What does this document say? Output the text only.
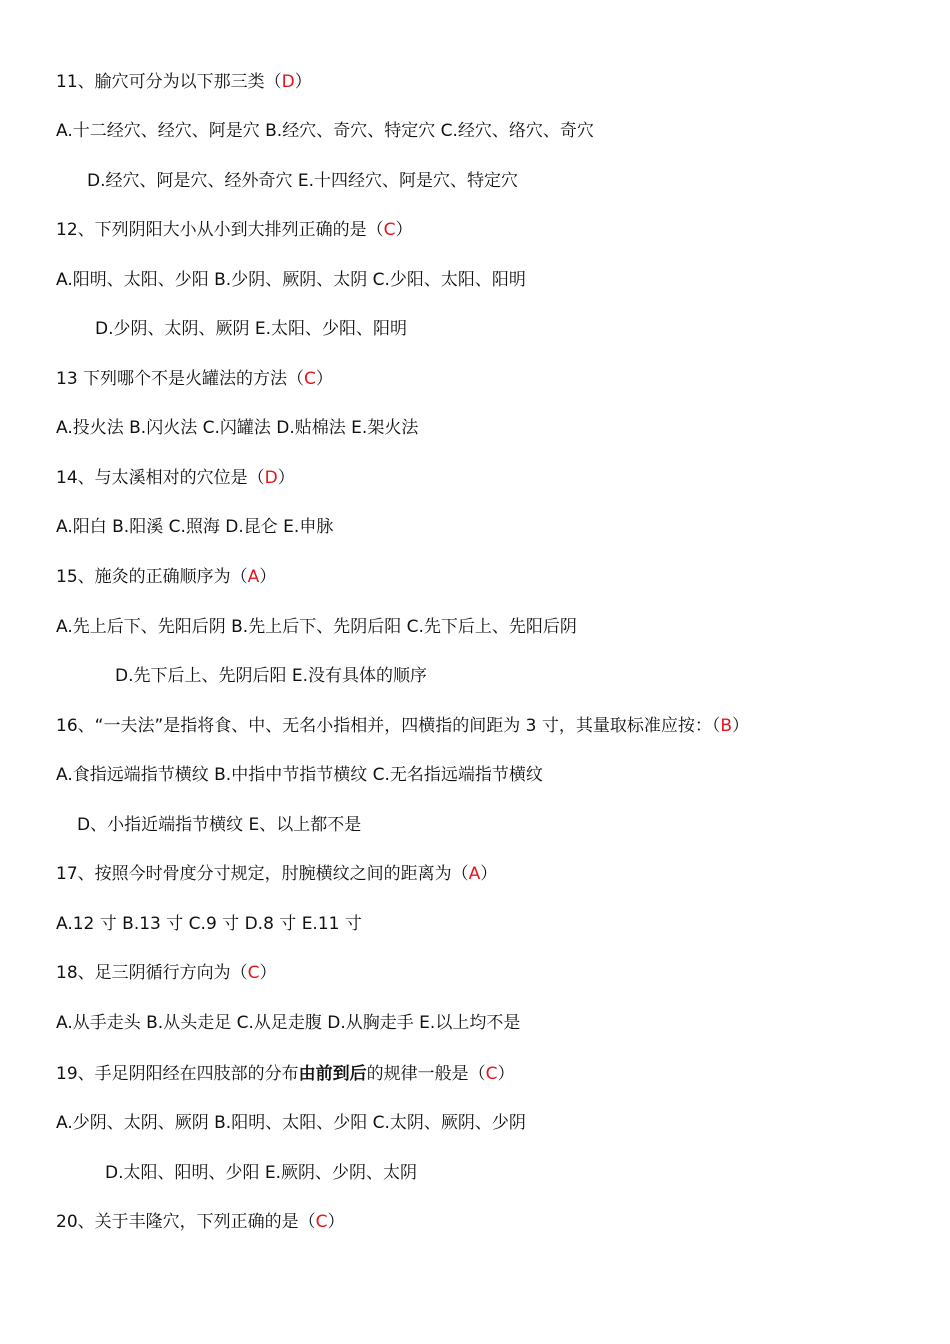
11、腧穴可分为以下那三类（D）
A.十二经穴、经穴、阿是穴 B.经穴、奇穴、特定穴 C.经穴、络穴、奇穴
D.经穴、阿是穴、经外奇穴 E.十四经穴、阿是穴、特定穴
12、下列阴阳大小从小到大排列正确的是（C）
A.阳明、太阳、少阳 B.少阴、厥阴、太阴 C.少阳、太阳、阳明
D.少阴、太阴、厥阴 E.太阳、少阳、阳明
13 下列哪个不是火罐法的方法（C）
A.投火法 B.闪火法 C.闪罐法 D.贴棉法 E.架火法
14、与太溪相对的穴位是（D）
A.阳白 B.阳溪 C.照海 D.昆仑 E.申脉
15、施灸的正确顺序为（A）
A.先上后下、先阳后阴 B.先上后下、先阴后阳 C.先下后上、先阳后阴
D.先下后上、先阴后阳 E.没有具体的顺序
16、“一夫法”是指将食、中、无名小指相并，四横指的间距为 3 寸，其量取标准应按：（B）
A.食指远端指节横纹 B.中指中节指节横纹 C.无名指远端指节横纹
D、小指近端指节横纹 E、以上都不是
17、按照今时骨度分寸规定，肘腕横纹之间的距离为（A）
A.12 寸 B.13 寸 C.9 寸 D.8 寸 E.11 寸
18、足三阴循行方向为（C）
A.从手走头 B.从头走足 C.从足走腹 D.从胸走手 E.以上均不是
19、手足阴阳经在四肢部的分布由前到后的规律一般是（C）
A.少阴、太阴、厥阴 B.阳明、太阳、少阳 C.太阴、厥阴、少阴
D.太阳、阳明、少阳 E.厥阴、少阴、太阴
20、关于丰隆穴，下列正确的是（C）
